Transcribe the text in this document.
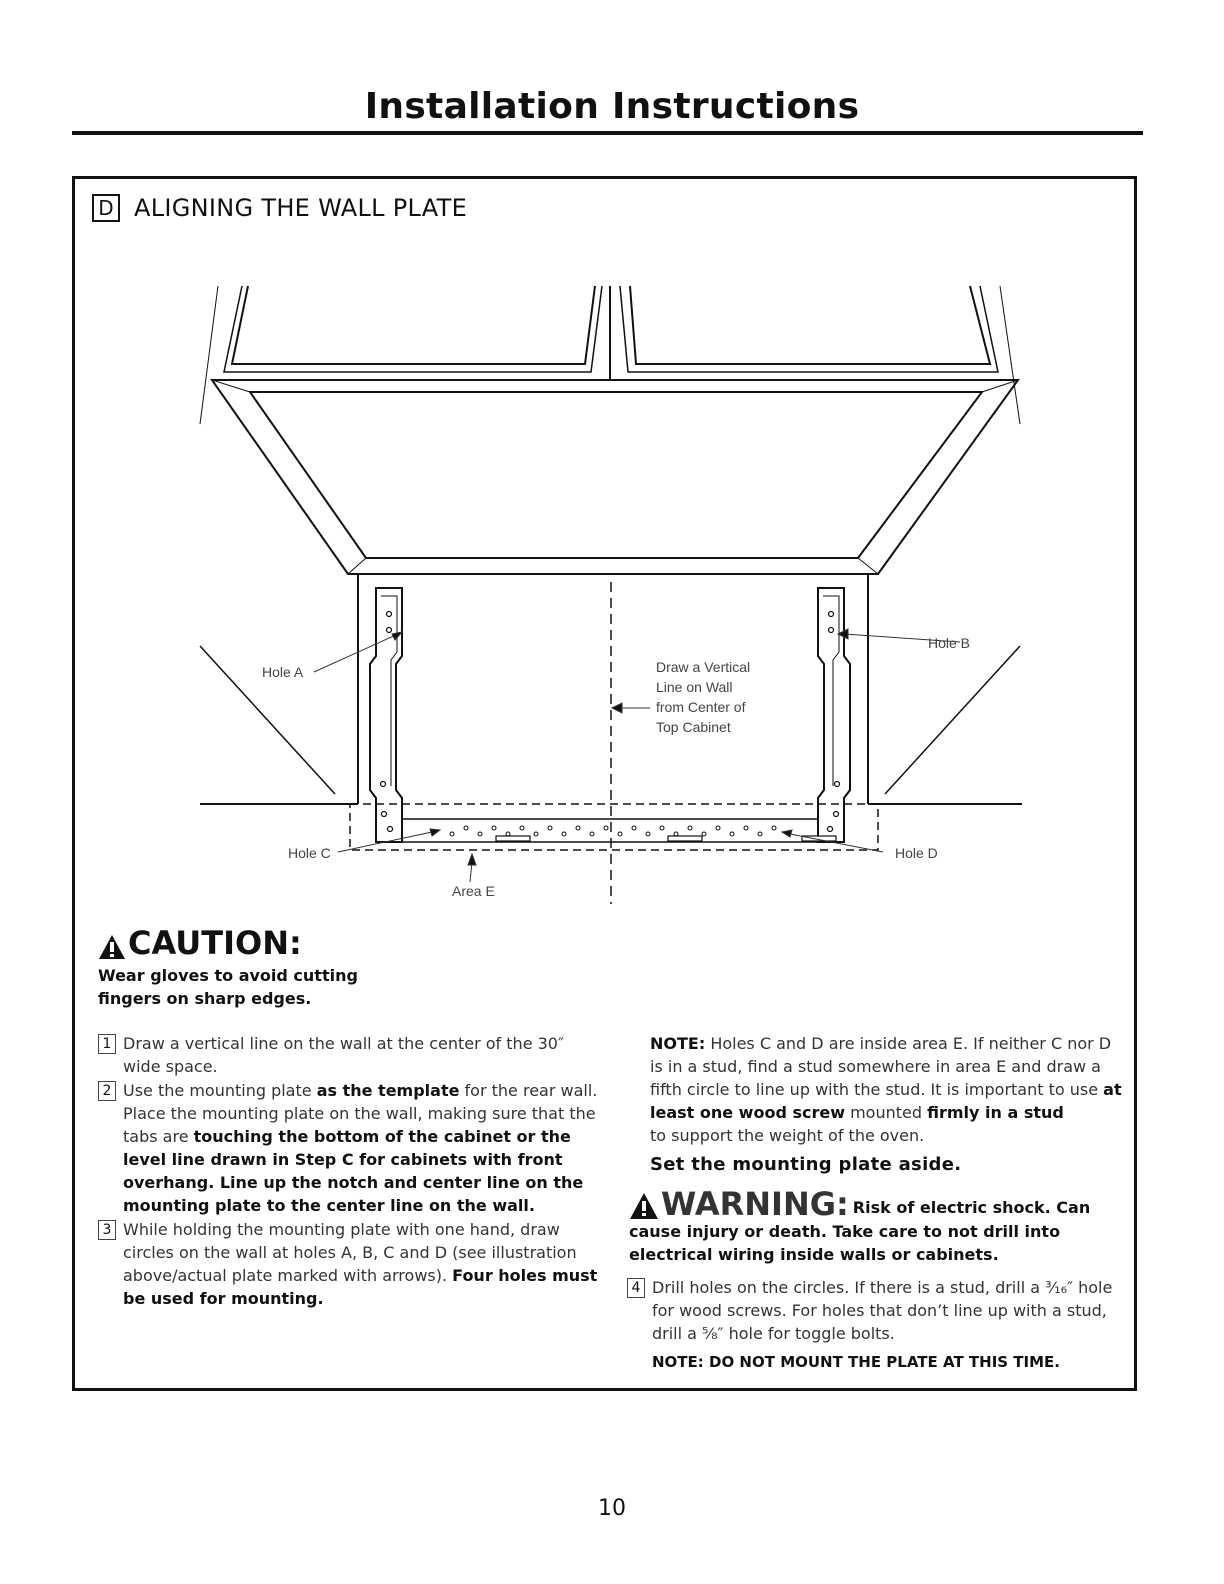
Installation Instructions
D ALIGNING THE WALL PLATE
Hole A
Hole B
Hole C	Hole D
Area E
Draw a Vertical
Line on Wall
from Center of
Top Cabinet
CAUTION:
Wear gloves to avoid cutting fingers on sharp edges.
1 Draw a vertical line on the wall at the center of the 30″ wide space.
2 Use the mounting plate as the template for the rear wall. Place the mounting plate on the wall, making sure that the tabs are touching the bottom of the cabinet or the level line drawn in Step C for cabinets with front overhang. Line up the notch and center line on the mounting plate to the center line on the wall.
3 While holding the mounting plate with one hand, draw circles on the wall at holes A, B, C and D (see illustration above/actual plate marked with arrows). Four holes must be used for mounting.
NOTE: Holes C and D are inside area E. If neither C nor D is in a stud, find a stud somewhere in area E and draw a fifth circle to line up with the stud. It is important to use at least one wood screw mounted firmly in a stud
to support the weight of the oven.
Set the mounting plate aside.
WARNING: Risk of electric shock. Can
cause injury or death. Take care to not drill into electrical wiring inside walls or cabinets.
4 Drill holes on the circles. If there is a stud, drill a ³⁄₁₆″ hole for wood screws. For holes that don’t line up with a stud, drill a ⁵⁄₈″ hole for toggle bolts.
NOTE: DO NOT MOUNT THE PLATE AT THIS TIME.
10
